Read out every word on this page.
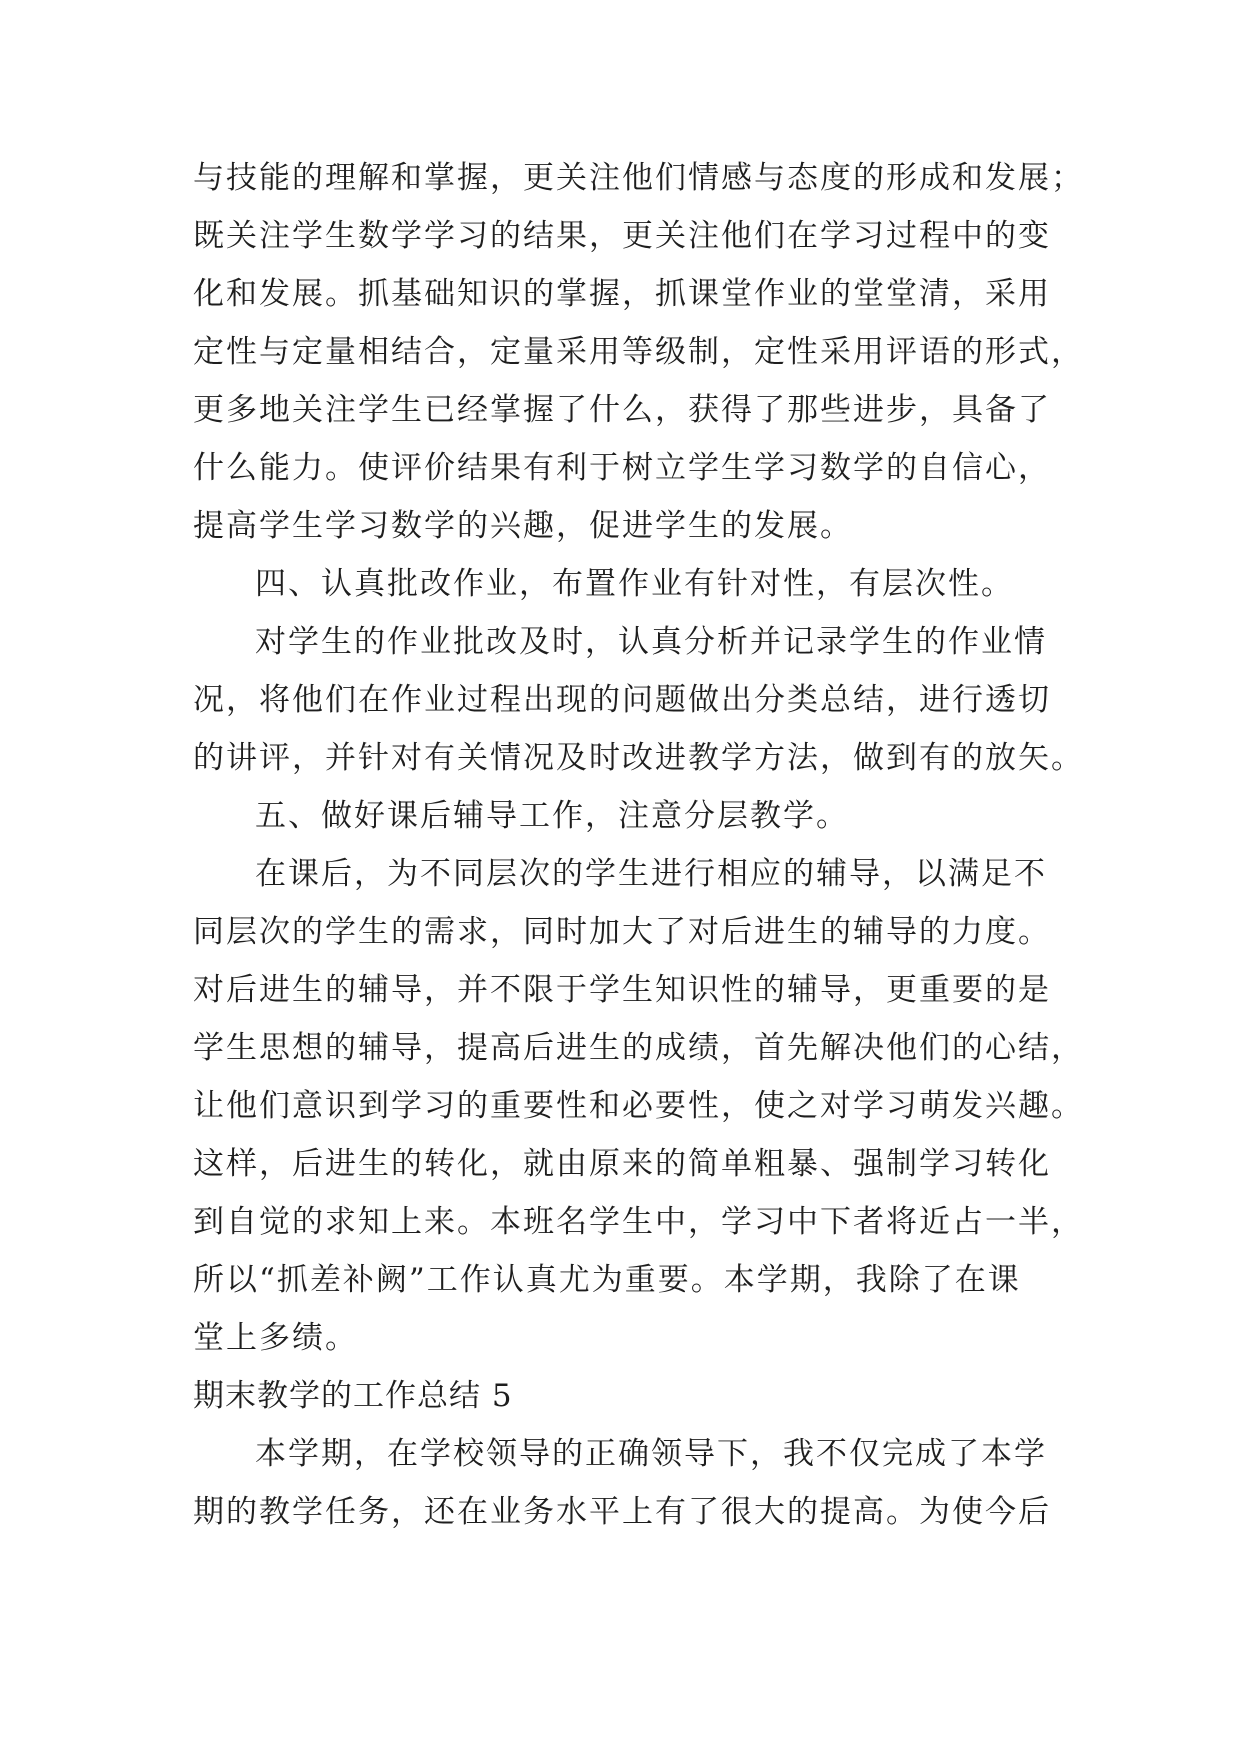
与技能的理解和掌握，更关注他们情感与态度的形成和发展；
既关注学生数学学习的结果，更关注他们在学习过程中的变
化和发展。抓基础知识的掌握，抓课堂作业的堂堂清，采用
定性与定量相结合，定量采用等级制，定性采用评语的形式，
更多地关注学生已经掌握了什么，获得了那些进步，具备了
什么能力。使评价结果有利于树立学生学习数学的自信心，
提高学生学习数学的兴趣，促进学生的发展。
四、认真批改作业，布置作业有针对性，有层次性。
对学生的作业批改及时，认真分析并记录学生的作业情
况，将他们在作业过程出现的问题做出分类总结，进行透切
的讲评，并针对有关情况及时改进教学方法，做到有的放矢。
五、做好课后辅导工作，注意分层教学。
在课后，为不同层次的学生进行相应的辅导，以满足不
同层次的学生的需求，同时加大了对后进生的辅导的力度。
对后进生的辅导，并不限于学生知识性的辅导，更重要的是
学生思想的辅导，提高后进生的成绩，首先解决他们的心结，
让他们意识到学习的重要性和必要性，使之对学习萌发兴趣。
这样，后进生的转化，就由原来的简单粗暴、强制学习转化
到自觉的求知上来。本班名学生中，学习中下者将近占一半，
所以“抓差补阙”工作认真尤为重要。本学期，我除了在课
堂上多绩。
期末教学的工作总结 5
本学期，在学校领导的正确领导下，我不仅完成了本学
期的教学任务，还在业务水平上有了很大的提高。为使今后
